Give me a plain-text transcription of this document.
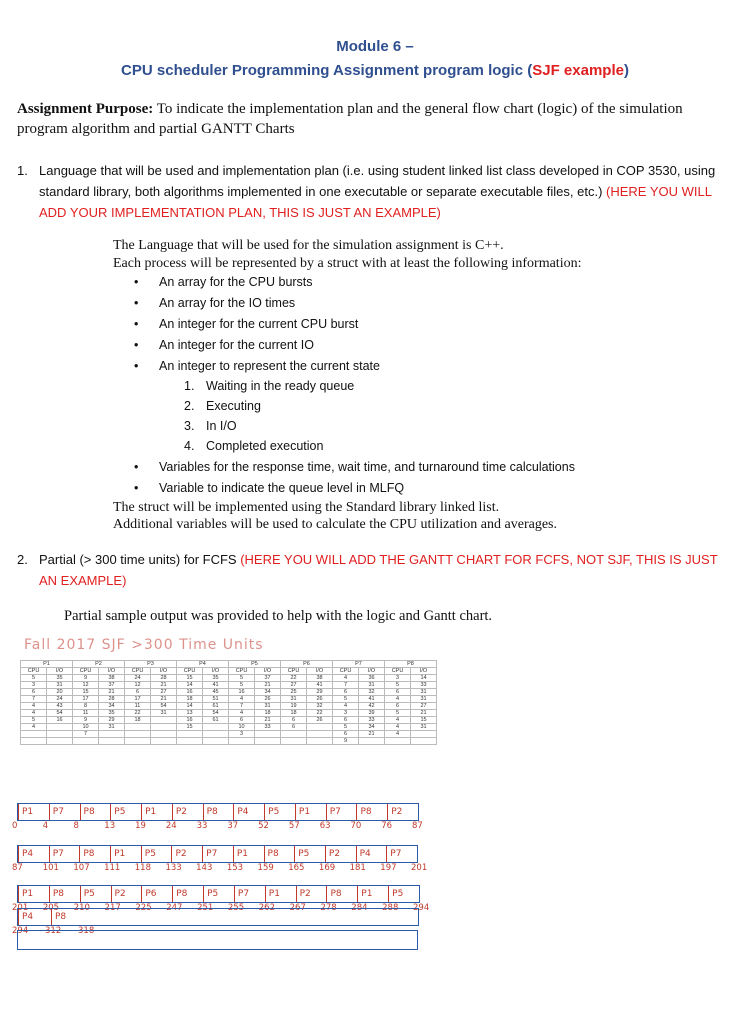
Module 6 –
CPU scheduler Programming Assignment program logic (SJF example)
Assignment Purpose: To indicate the implementation plan and the general flow chart (logic) of the simulation program algorithm and partial GANTT Charts
1. Language that will be used and implementation plan (i.e. using student linked list class developed in COP 3530, using standard library, both algorithms implemented in one executable or separate executable files, etc.) (HERE YOU WILL ADD YOUR IMPLEMENTATION PLAN, THIS IS JUST AN EXAMPLE)
The Language that will be used for the simulation assignment is C++.
Each process will be represented by a struct with at least the following information:
• An array for the CPU bursts
• An array for the IO times
• An integer for the current CPU burst
• An integer for the current IO
• An integer to represent the current state
1. Waiting in the ready queue
2. Executing
3. In I/O
4. Completed execution
• Variables for the response time, wait time, and turnaround time calculations
• Variable to indicate the queue level in MLFQ
The struct will be implemented using the Standard library linked list.
Additional variables will be used to calculate the CPU utilization and averages.
2. Partial (> 300 time units) for FCFS (HERE YOU WILL ADD THE GANTT CHART FOR FCFS, NOT SJF, THIS IS JUST AN EXAMPLE)
Partial sample output was provided to help with the logic and Gantt chart.
Fall 2017 SJF >300 Time Units
P1		P2		P3		P4		P5		P6		P7		P8	
CPU	I/O	CPU	I/O	CPU	I/O	CPU	I/O	CPU	I/O	CPU	I/O	CPU	I/O	CPU	I/O
5	35	9	38	24	28	15	35	5	37	22	38	4	36	3	14
3	31	12	37	12	21	14	41	5	21	27	41	7	31	5	33
6	20	15	21	6	27	16	45	16	34	25	29	6	32	6	31
7	24	17	28	17	21	18	51	4	26	31	26	5	41	4	31
4	43	8	34	11	54	14	61	7	31	19	32	4	42	6	27
4	54	11	35	22	31	13	54	4	18	18	22	3	39	5	21
5	16	9	29	18		16	61	6	21	6	26	6	33	4	15
4		10	31			15		10	33	6		5	34	4	31
		7						3				6	21	4	
												9			
P1	P7	P8	P5	P1	P2	P8	P4	P5	P1	P7	P8	P2
0	4	8	13 19 24 33 37 52 57 63 70 76 87
P4	P7	P8	P1	P5	P2	P7	P1	P8	P5	P2	P4	P7
87 101 107 111 118 133 143 153 159 165 169 181 197 201
P1	P8	P5	P2	P6	P8	P5	P7	P1	P2	P8	P1	P5
201 205 210 217 225 247 251 255 262 267 278 284 288 294
P4	P8
294 312 318
